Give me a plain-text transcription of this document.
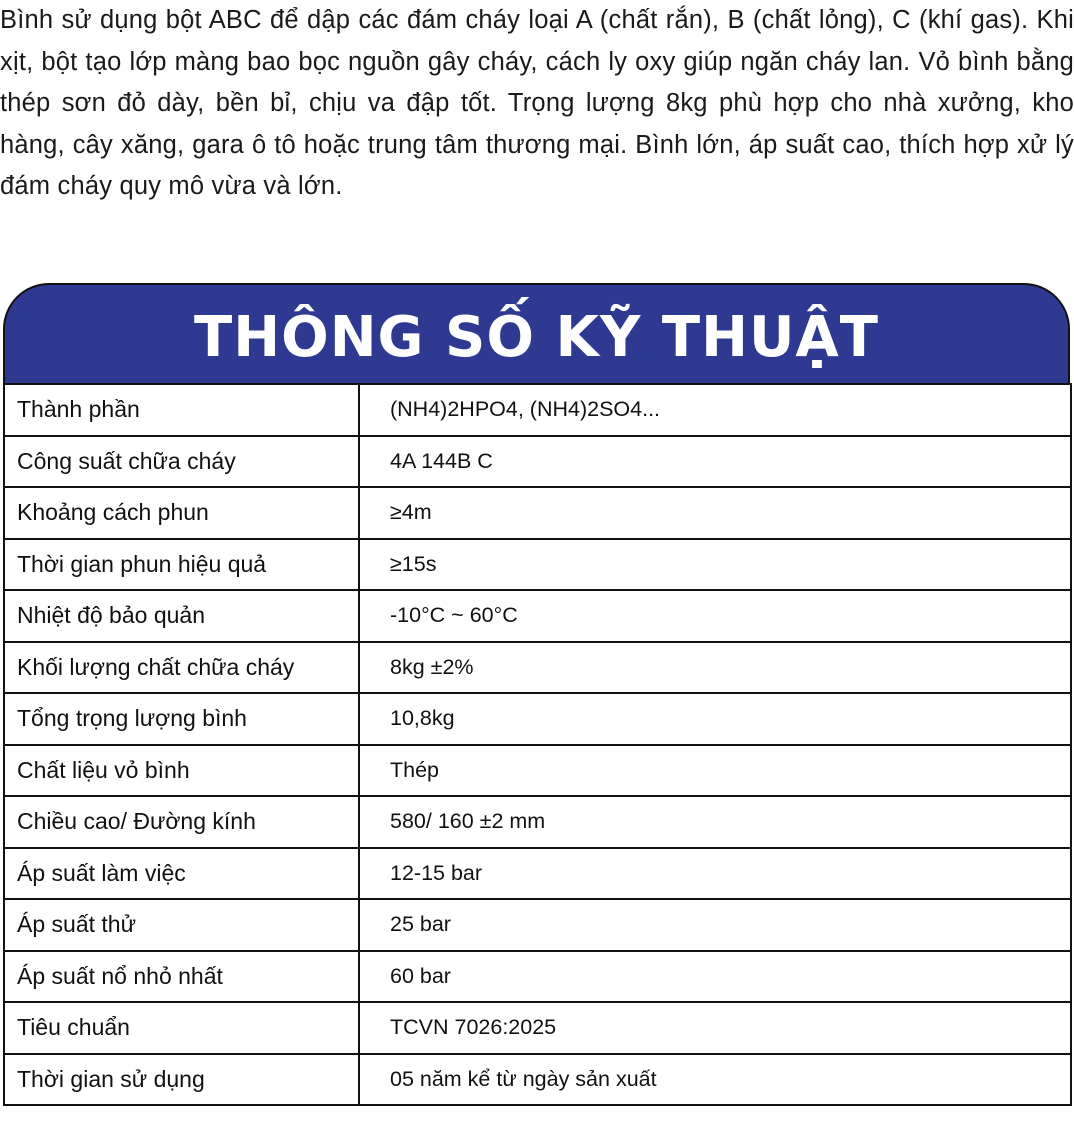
Bình sử dụng bột ABC để dập các đám cháy loại A (chất rắn), B (chất lỏng), C (khí gas). Khi xịt, bột tạo lớp màng bao bọc nguồn gây cháy, cách ly oxy giúp ngăn cháy lan. Vỏ bình bằng thép sơn đỏ dày, bền bỉ, chịu va đập tốt. Trọng lượng 8kg phù hợp cho nhà xưởng, kho hàng, cây xăng, gara ô tô hoặc trung tâm thương mại. Bình lớn, áp suất cao, thích hợp xử lý đám cháy quy mô vừa và lớn.

THÔNG SỐ KỸ THUẬT
Thành phần	(NH4)2HPO4, (NH4)2SO4...
Công suất chữa cháy	4A 144B C
Khoảng cách phun	≥4m
Thời gian phun hiệu quả	≥15s
Nhiệt độ bảo quản	-10°C ~ 60°C
Khối lượng chất chữa cháy	8kg ±2%
Tổng trọng lượng bình	10,8kg
Chất liệu vỏ bình	Thép
Chiều cao/ Đường kính	580/ 160 ±2 mm
Áp suất làm việc	12-15 bar
Áp suất thử	25 bar
Áp suất nổ nhỏ nhất	60 bar
Tiêu chuẩn	TCVN 7026:2025
Thời gian sử dụng	05 năm kể từ ngày sản xuất
